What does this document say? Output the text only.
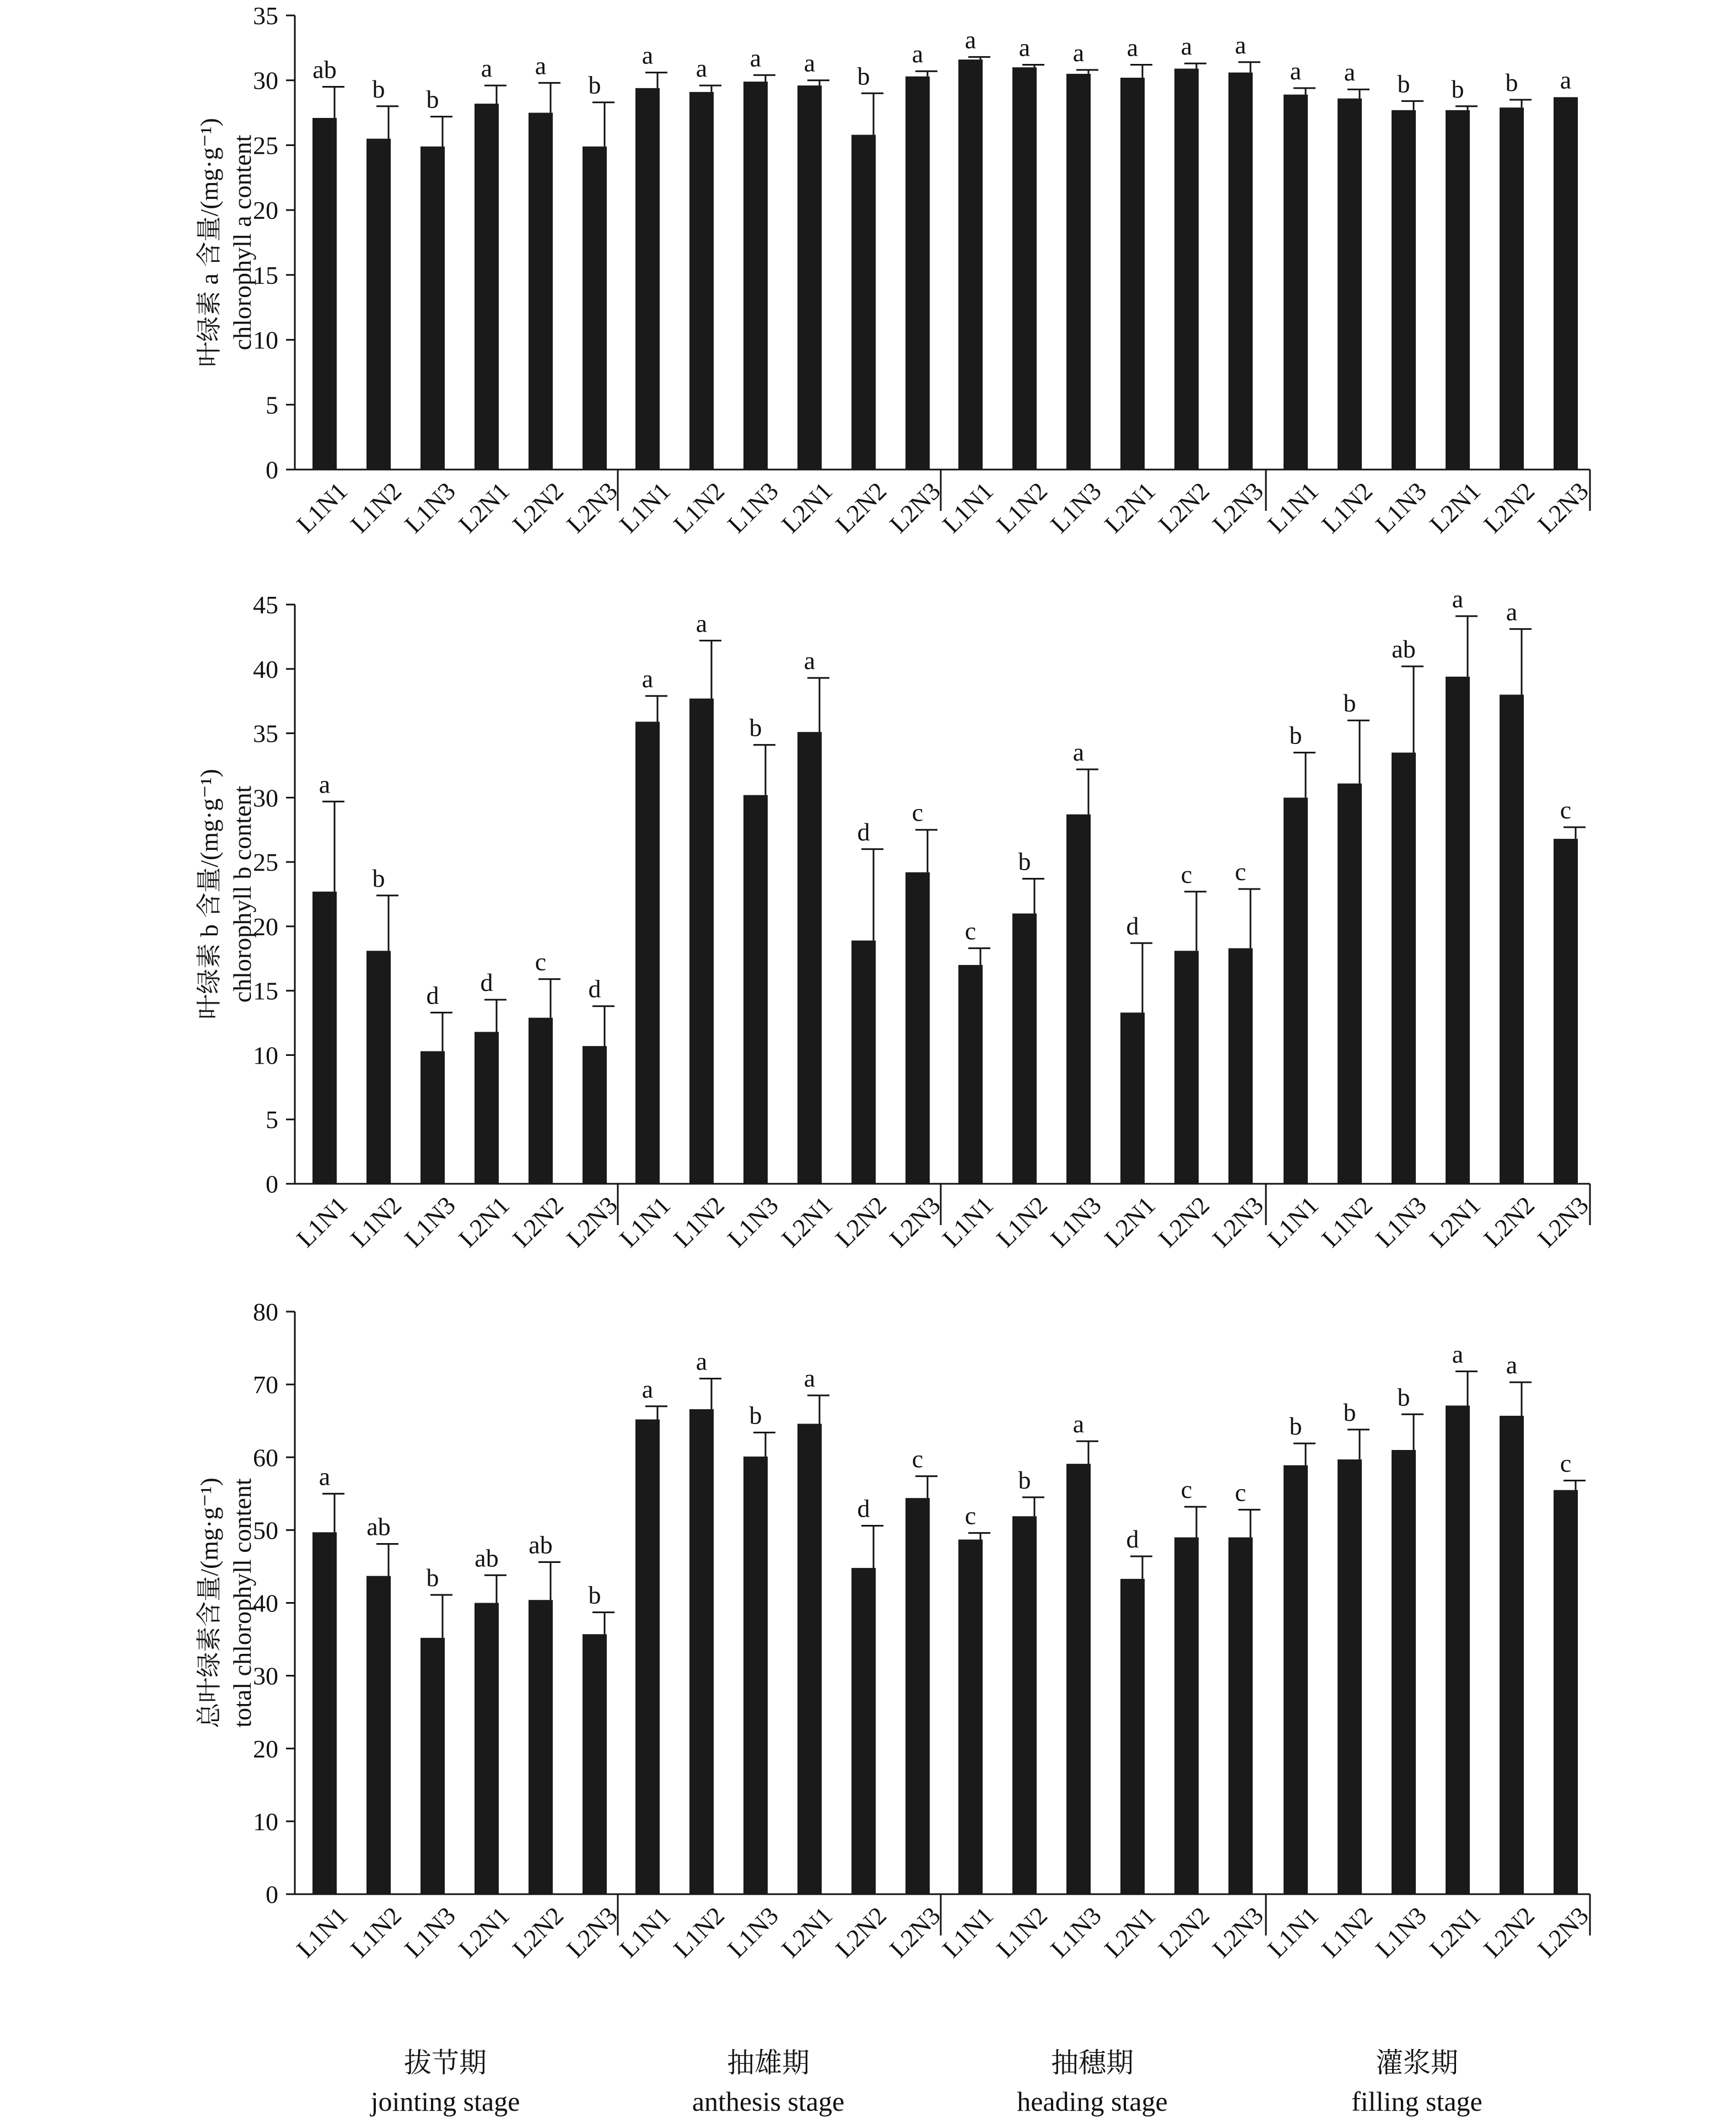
0
5
10
15
20
25
30
35
叶绿素 a 含量/(mg·g⁻¹) chlorophyll a content
ab
L1N1
b
L1N2
b
L1N3
a
L2N1
a
L2N2
b
L2N3
a
L1N1
a
L1N2
a
L1N3
a
L2N1
b
L2N2
a
L2N3
a
L1N1
a
L1N2
a
L1N3
a
L2N1
a
L2N2
a
L2N3
a
L1N1
a
L1N2
b
L1N3
b
L2N1
b
L2N2
a
L2N3
0
5
10
15
20
25
30
35
40
45
叶绿素 b 含量/(mg·g⁻¹) chlorophyll b content
a
L1N1
b
L1N2
d
L1N3
d
L2N1
c
L2N2
d
L2N3
a
L1N1
a
L1N2
b
L1N3
a
L2N1
d
L2N2
c
L2N3
c
L1N1
b
L1N2
a
L1N3
d
L2N1
c
L2N2
c
L2N3
b
L1N1
b
L1N2
ab
L1N3
a
L2N1
a
L2N2
c
L2N3
0
10
20
30
40
50
60
70
80
总叶绿素含量/(mg·g⁻¹) total chlorophyll content
a
L1N1
ab
L1N2
b
L1N3
ab
L2N1
ab
L2N2
b
L2N3
a
L1N1
a
L1N2
b
L1N3
a
L2N1
d
L2N2
c
L2N3
c
L1N1
b
L1N2
a
L1N3
d
L2N1
c
L2N2
c
L2N3
b
L1N1
b
L1N2
b
L1N3
a
L2N1
a
L2N2
c
L2N3
拔节期
jointing stage
抽雄期
anthesis stage
抽穗期
heading stage
灌浆期
filling stage
